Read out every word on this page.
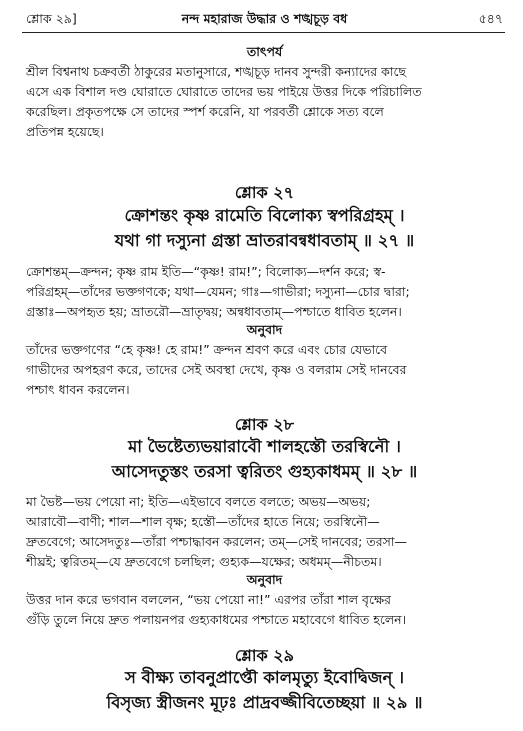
শ্লোক ২৯]	নন্দ মহারাজ উদ্ধার ও শঙ্খচূড় বধ	৫৪৭
তাৎপর্য

শ্রীল বিশ্বনাথ চক্রবর্তী ঠাকুরের মতানুসারে, শঙ্খচূড় দানব সুন্দরী কন্যাদের কাছে

এসে এক বিশাল দণ্ড ঘোরাতে ঘোরাতে তাদের ভয় পাইয়ে উত্তর দিকে পরিচালিত

করেছিল। প্রকৃতপক্ষে সে তাদের স্পর্শ করেনি, যা পরবর্তী শ্লোকে সত্য বলে

প্রতিপন্ন হয়েছে।

শ্লোক ২৭
ক্রোশন্তং কৃষ্ণ রামেতি বিলোক্য স্বপরিগ্রহম্ ।
যথা গা দস্যুনা গ্রস্তা ভ্রাতরাবন্বধাবতাম্ ॥ ২৭ ॥

ক্রোশন্তম্—ক্রন্দন; কৃষ্ণ রাম ইতি—“কৃষ্ণ! রাম!”; বিলোক্য—দর্শন করে; স্ব-

পরিগ্রহম্—তাঁদের ভক্তগণকে; যথা—যেমন; গাঃ—গাভীরা; দস্যুনা—চোর দ্বারা;

গ্রস্তাঃ—অপহৃত হয়; ভ্রাতরৌ—ভ্রাতৃদ্বয়; অন্বধাবতাম্—পশ্চাতে ধাবিত হলেন।

অনুবাদ

তাঁদের ভক্তগণের “হে কৃষ্ণ! হে রাম!” ক্রন্দন শ্রবণ করে এবং চোর যেভাবে

গাভীদের অপহরণ করে, তাদের সেই অবস্থা দেখে, কৃষ্ণ ও বলরাম সেই দানবের

পশ্চাৎ ধাবন করলেন।

শ্লোক ২৮
মা ভৈষ্টেত্যভয়ারাবৌ শালহস্তৌ তরস্বিনৌ ।
আসেদতুস্তং তরসা ত্বরিতং গুহ্যকাধমম্ ॥ ২৮ ॥

মা ভৈষ্ট—ভয় পেয়ো না; ইতি—এইভাবে বলতে বলতে; অভয়—অভয়;

আরাবৌ—বাণী; শাল—শাল বৃক্ষ; হস্তৌ—তাঁদের হাতে নিয়ে; তরস্বিনৌ—

দ্রুতবেগে; আসেদতুঃ—তাঁরা পশ্চাদ্ধাবন করলেন; তম্—সেই দানবের; তরসা—

শীঘ্রই; ত্বরিতম্—যে দ্রুতবেগে চলছিল; গুহ্যক—যক্ষের; অধমম্—নীচতম।

অনুবাদ

উত্তর দান করে ভগবান বললেন, “ভয় পেয়ো না!” এরপর তাঁরা শাল বৃক্ষের

গুঁড়ি তুলে নিয়ে দ্রুত পলায়নপর গুহ্যকাধমের পশ্চাতে মহাবেগে ধাবিত হলেন।

শ্লোক ২৯
স বীক্ষ্য তাবনুপ্রাপ্তৌ কালমৃত্যু ইবোদ্বিজন্ ।
বিসৃজ্য স্ত্রীজনং মূঢ়ঃ প্রাদ্রবজ্জীবিতেচ্ছয়া ॥ ২৯ ॥
